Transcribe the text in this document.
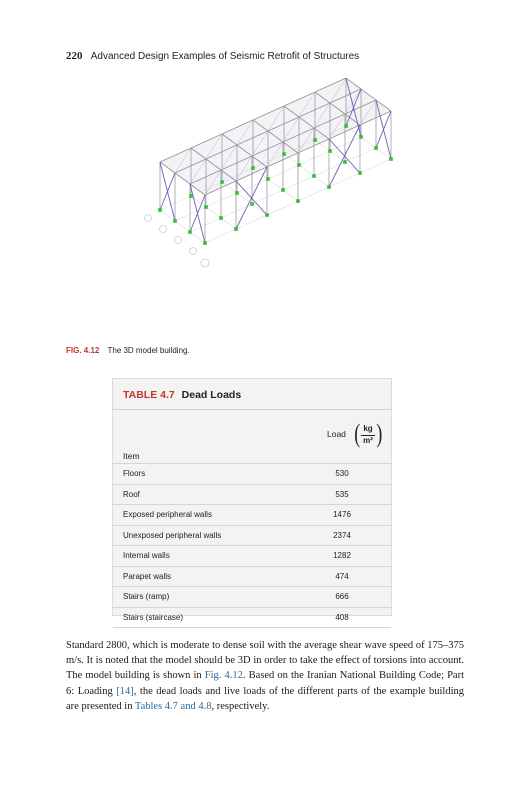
220 Advanced Design Examples of Seismic Retrofit of Structures
FIG. 4.12 The 3D model building.
TABLE 4.7 Dead Loads
Item
Load ( kg
m² )
Floors	530
Roof	535
Exposed peripheral walls	1476
Unexposed peripheral walls	2374
Internal walls	1282
Parapet walls	474
Stairs (ramp)	666
Stairs (staircase)	408
Standard 2800, which is moderate to dense soil with the average shear wave speed of 175–375 m/s. It is noted that the model should be 3D in order to take the effect of torsions into account. The model building is shown in Fig. 4.12. Based on the Iranian National Building Code; Part 6: Loading [14], the dead loads and live loads of the different parts of the example building are presented in Tables 4.7 and 4.8, respectively.
